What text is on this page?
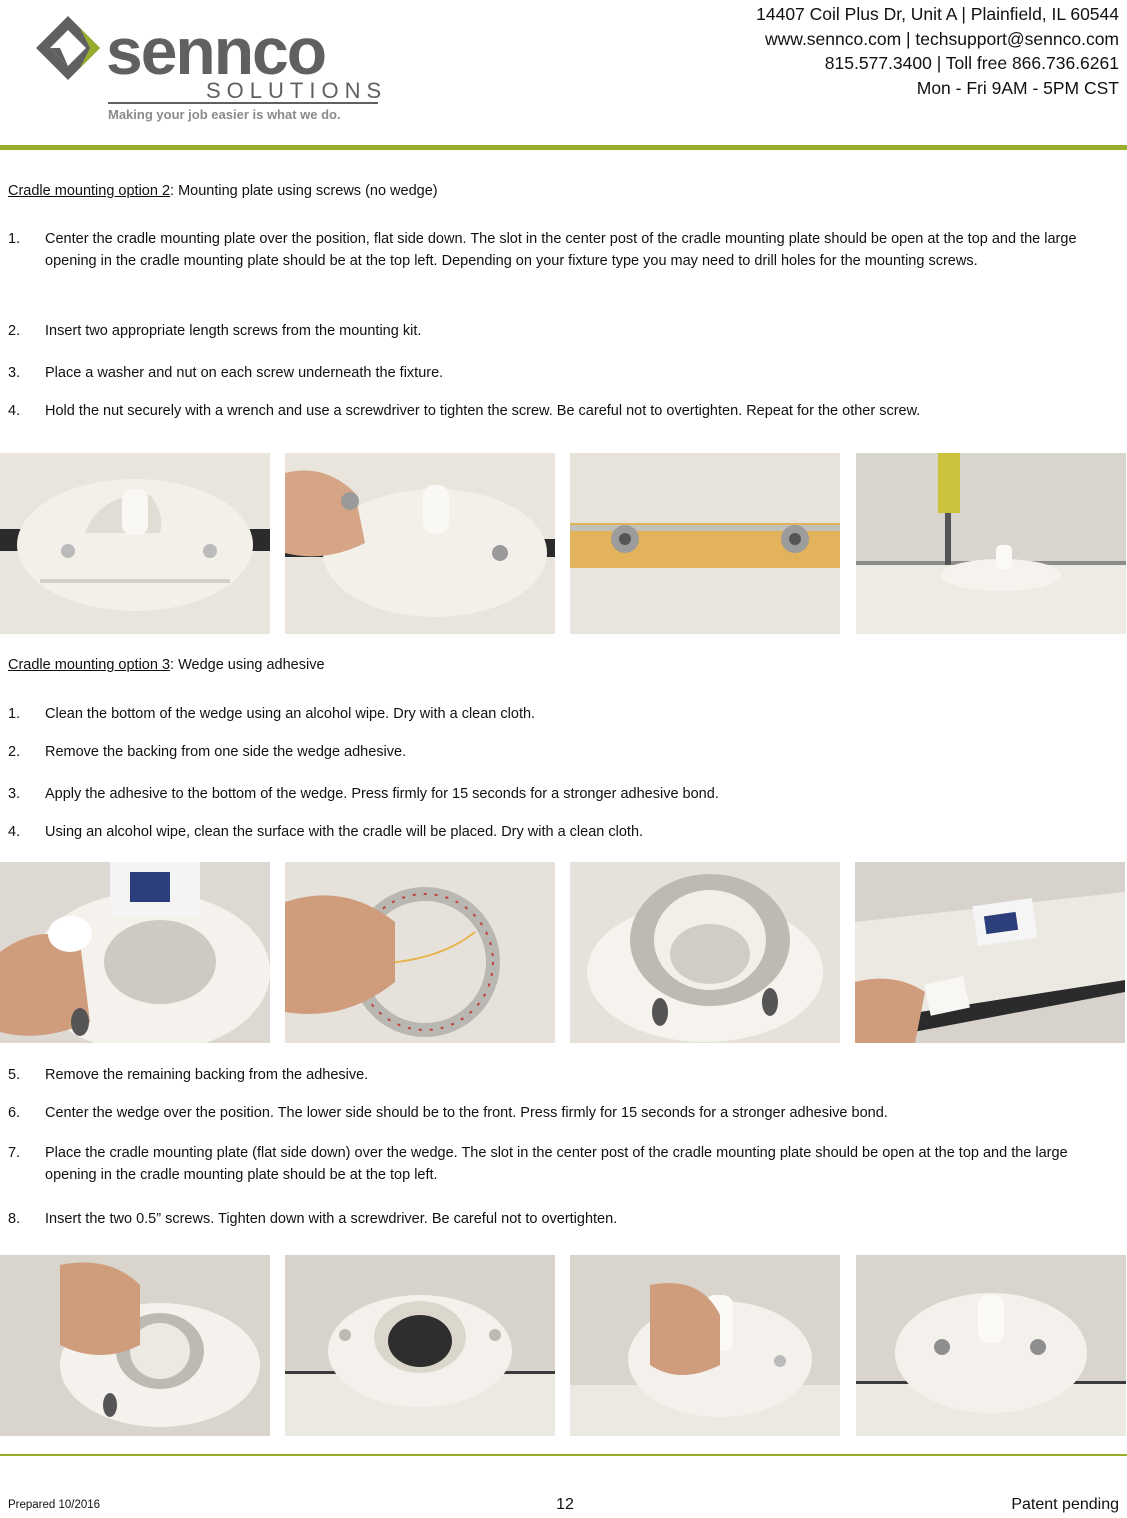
sennco
SOLUTIONS
Making your job easier is what we do.
14407 Coil Plus Dr, Unit A | Plainfield, IL 60544
www.sennco.com | techsupport@sennco.com
815.577.3400 | Toll free 866.736.6261
Mon - Fri 9AM - 5PM CST
Cradle mounting option 2: Mounting plate using screws (no wedge)
1.	Center the cradle mounting plate over the position, flat side down. The slot in the center post of the cradle mounting plate should be open at the top and the large opening in the cradle mounting plate should be at the top left. Depending on your fixture type you may need to drill holes for the mounting screws.
2.	Insert two appropriate length screws from the mounting kit.
3.	Place a washer and nut on each screw underneath the fixture.
4.	Hold the nut securely with a wrench and use a screwdriver to tighten the screw. Be careful not to overtighten. Repeat for the other screw.
Cradle mounting option 3: Wedge using adhesive
1.	Clean the bottom of the wedge using an alcohol wipe. Dry with a clean cloth.
2.	Remove the backing from one side the wedge adhesive.
3.	Apply the adhesive to the bottom of the wedge. Press firmly for 15 seconds for a stronger adhesive bond.
4.	Using an alcohol wipe, clean the surface with the cradle will be placed. Dry with a clean cloth.
5.	Remove the remaining backing from the adhesive.
6.	Center the wedge over the position. The lower side should be to the front. Press firmly for 15 seconds for a stronger adhesive bond.
7.	Place the cradle mounting plate (flat side down) over the wedge. The slot in the center post of the cradle mounting plate should be open at the top and the large opening in the cradle mounting plate should be at the top left.
8.	Insert the two 0.5” screws. Tighten down with a screwdriver. Be careful not to overtighten.
Prepared 10/2016	12	Patent pending
